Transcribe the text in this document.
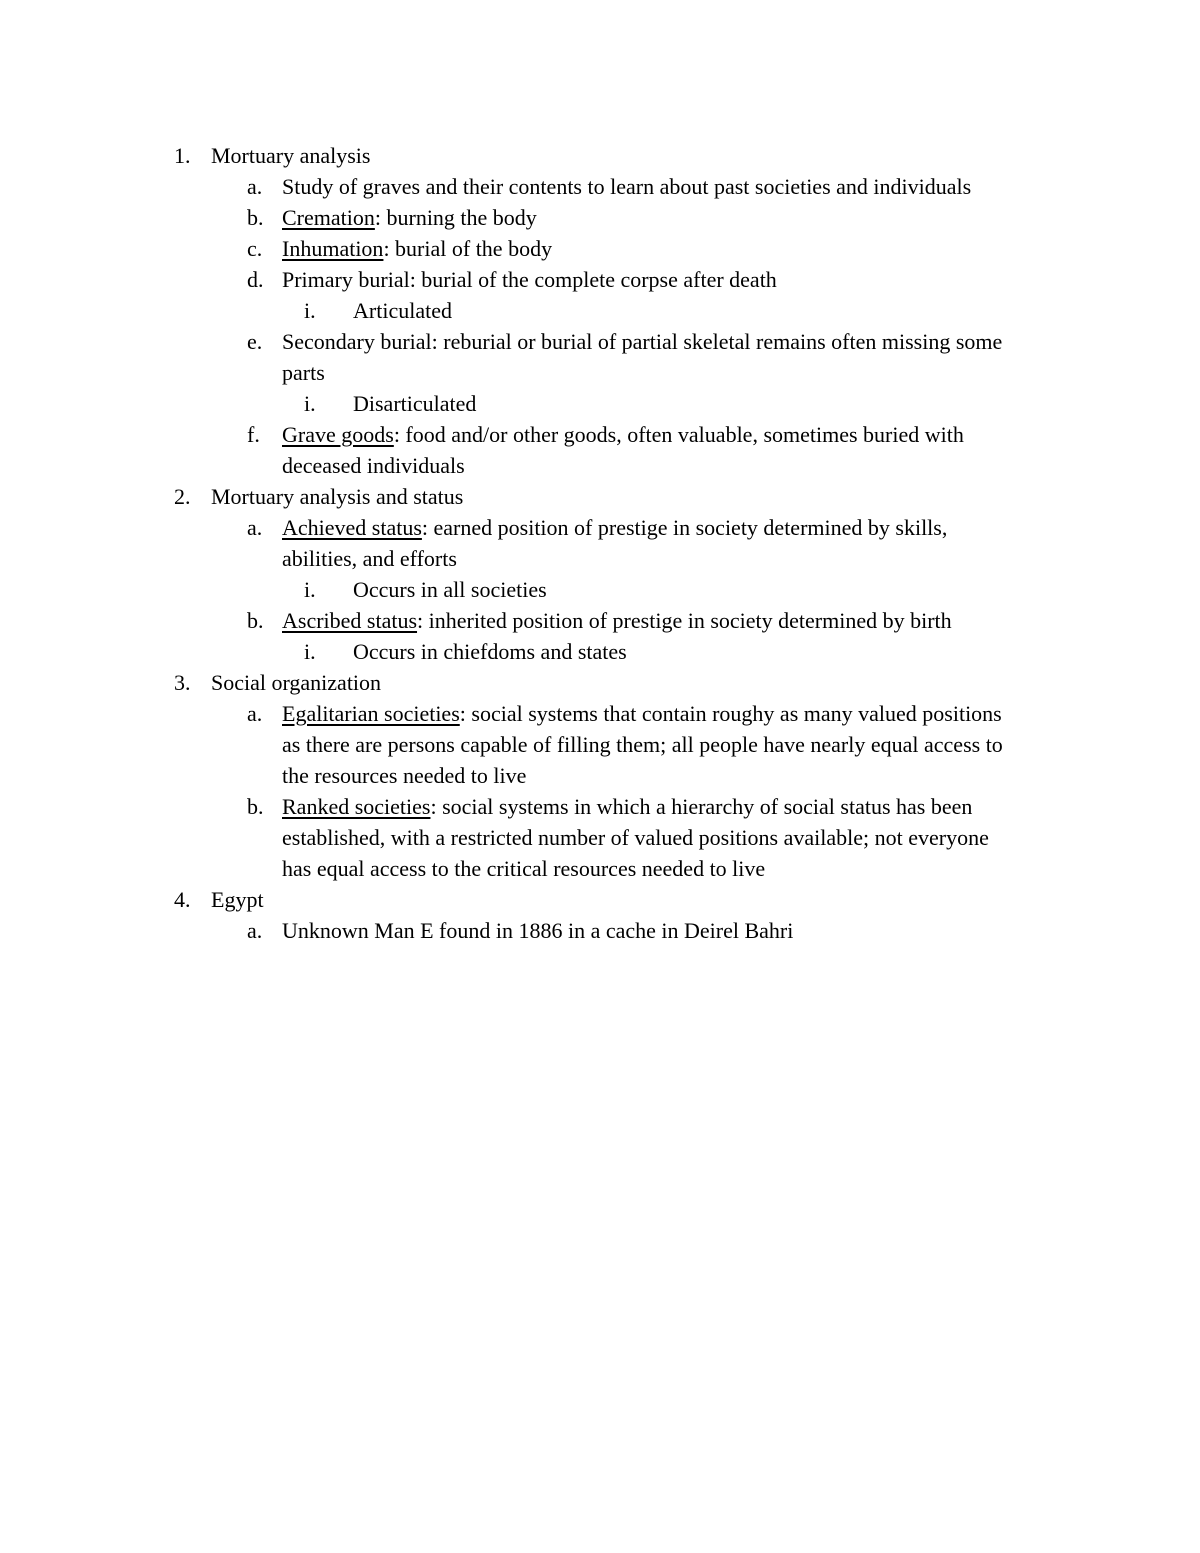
1. Mortuary analysis
a. Study of graves and their contents to learn about past societies and individuals
b. Cremation: burning the body
c. Inhumation: burial of the body
d. Primary burial: burial of the complete corpse after death
i. Articulated
e. Secondary burial: reburial or burial of partial skeletal remains often missing some
parts
i. Disarticulated
f. Grave goods: food and/or other goods, often valuable, sometimes buried with
deceased individuals
2. Mortuary analysis and status
a. Achieved status: earned position of prestige in society determined by skills,
abilities, and efforts
i. Occurs in all societies
b. Ascribed status: inherited position of prestige in society determined by birth
i. Occurs in chiefdoms and states
3. Social organization
a. Egalitarian societies: social systems that contain roughy as many valued positions
as there are persons capable of filling them; all people have nearly equal access to
the resources needed to live
b. Ranked societies: social systems in which a hierarchy of social status has been
established, with a restricted number of valued positions available; not everyone
has equal access to the critical resources needed to live
4. Egypt
a. Unknown Man E found in 1886 in a cache in Deirel Bahri
